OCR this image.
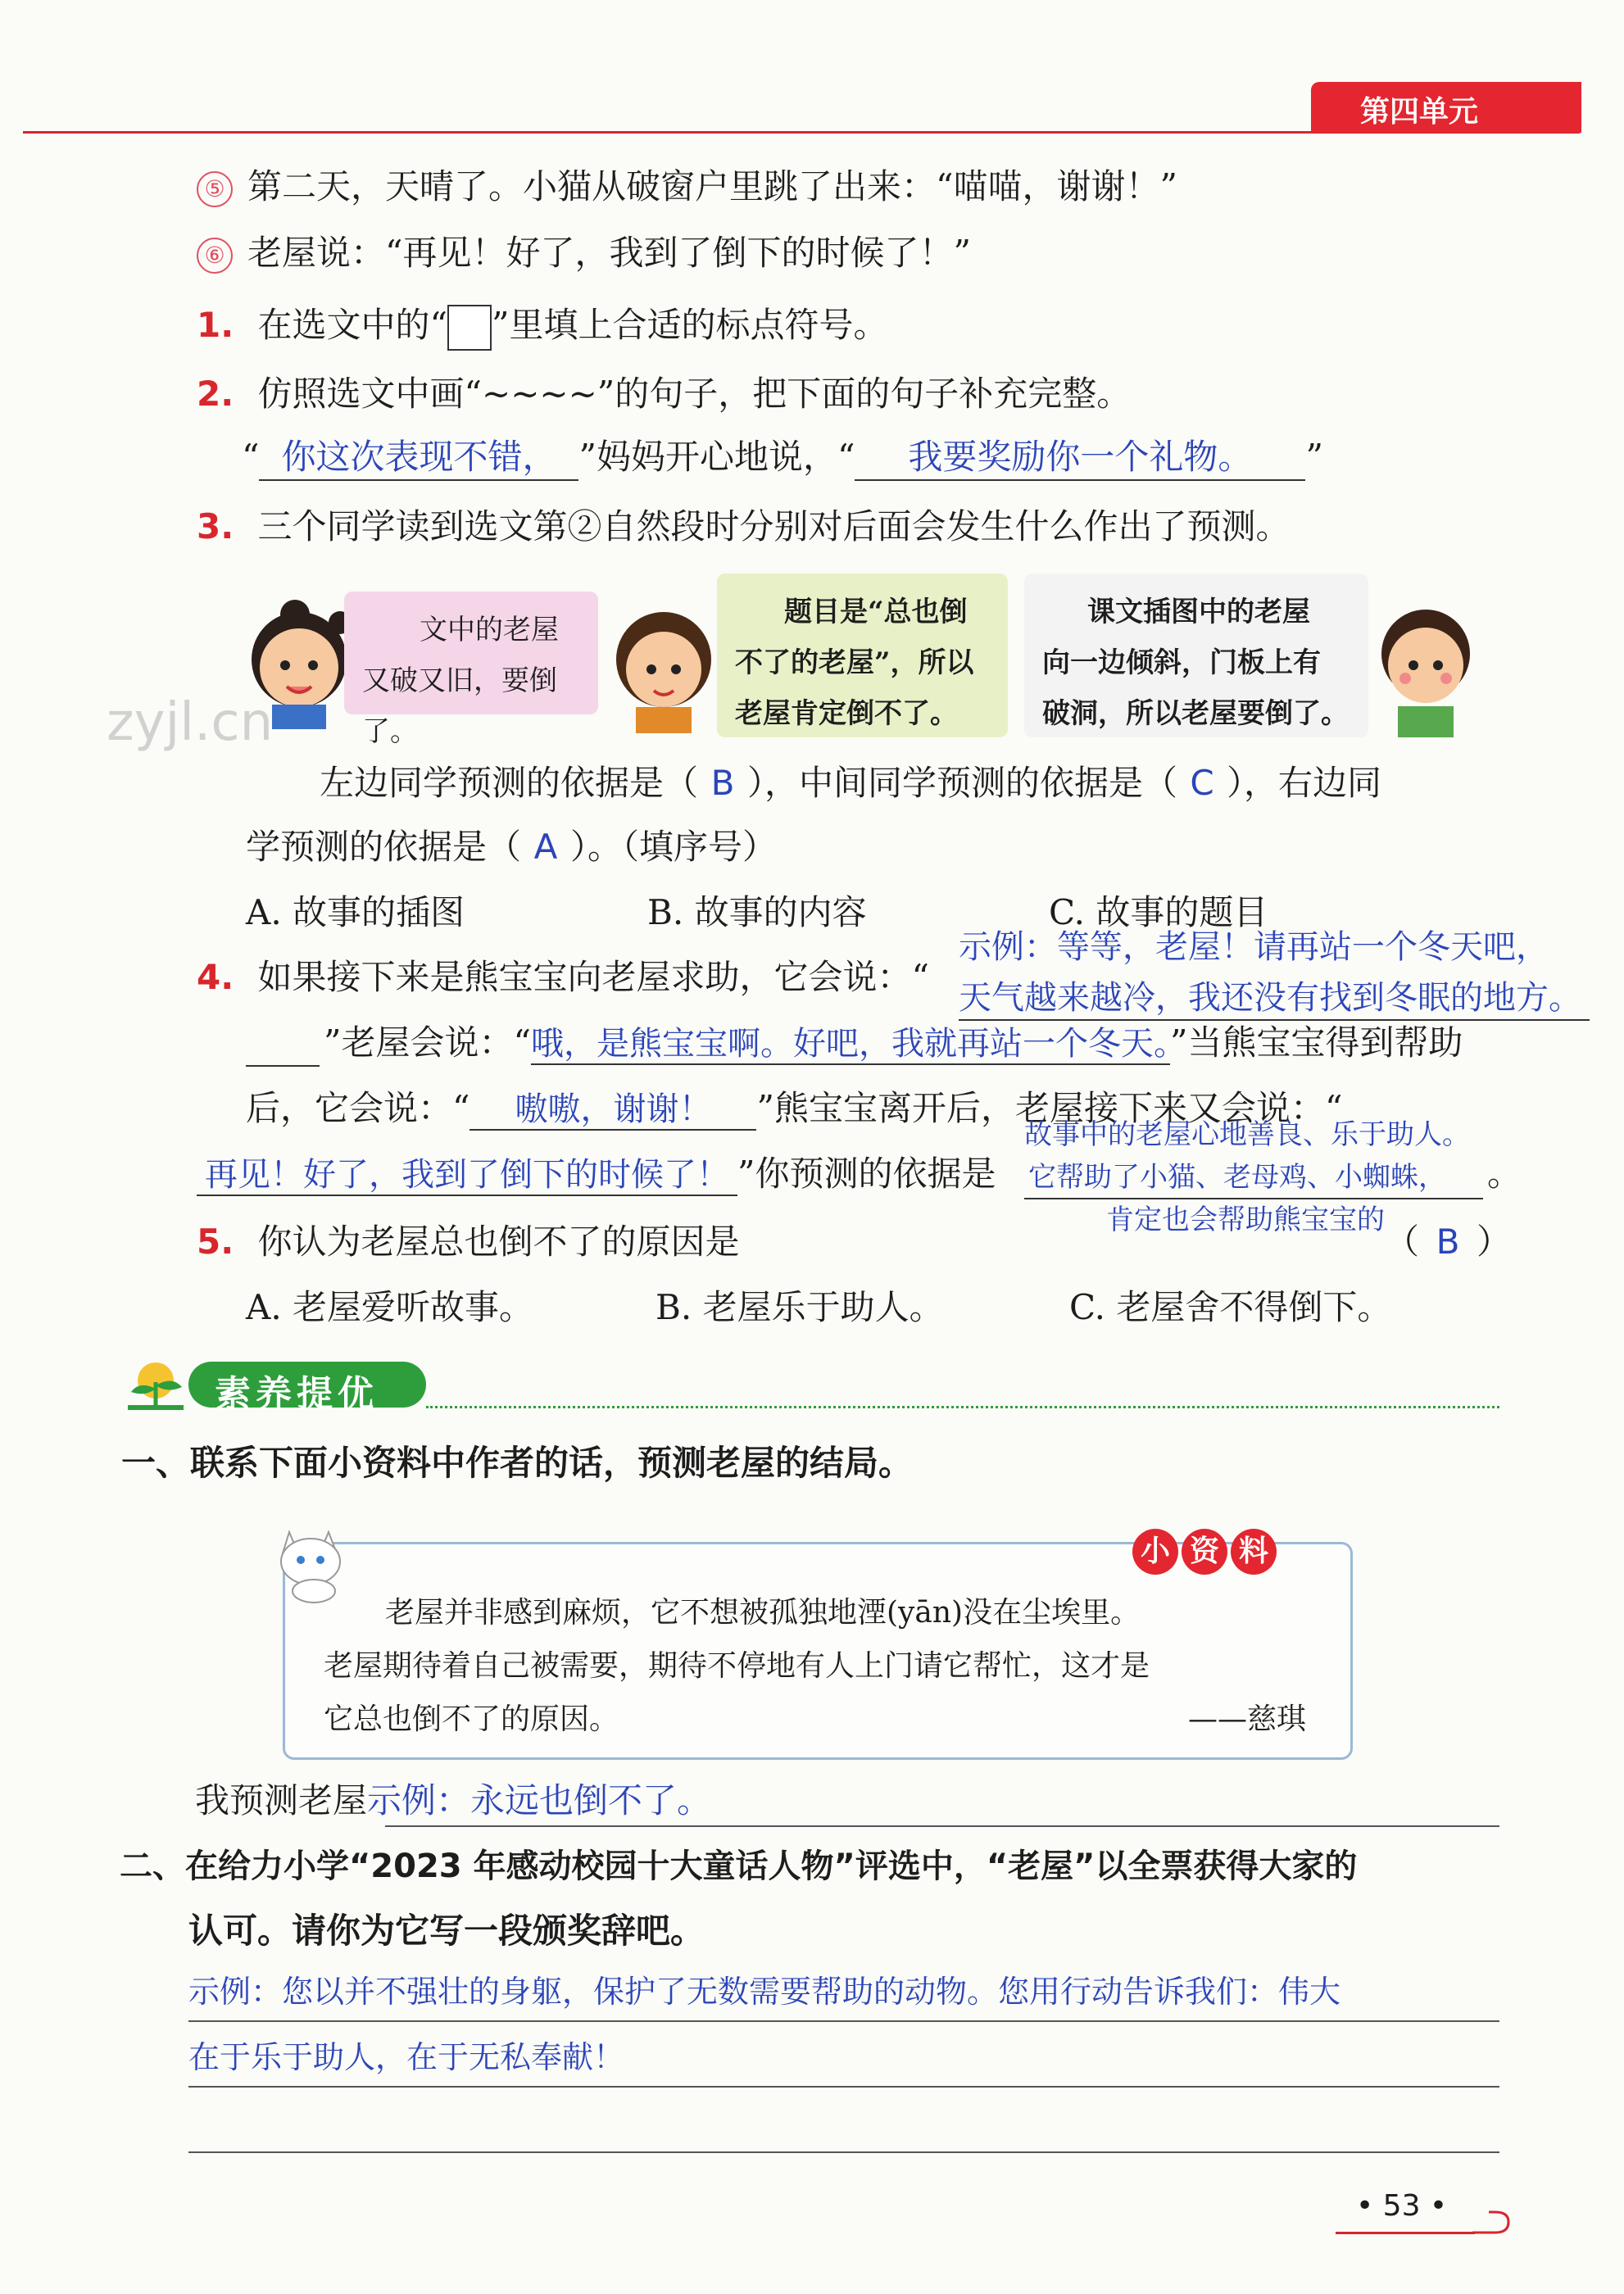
第四单元
⑤ 第二天，天晴了。小猫从破窗户里跳了出来：“喵喵，谢谢！”
⑥ 老屋说：“再见！好了，我到了倒下的时候了！”
1. 在选文中的“ ”里填上合适的标点符号。
2. 仿照选文中画“~~~~”的句子，把下面的句子补充完整。
“ 你这次表现不错， ”妈妈开心地说，“ 我要奖励你一个礼物。 ”
3. 三个同学读到选文第②自然段时分别对后面会发生什么作出了预测。
文中的老屋
又破又旧，要倒了。
题目是“总也倒
不了的老屋”，所以
老屋肯定倒不了。
课文插图中的老屋
向一边倾斜，门板上有
破洞，所以老屋要倒了。
zyjl.cn
左边同学预测的依据是（ B ），中间同学预测的依据是（ C ），右边同
学预测的依据是（ A ）。（填序号）
A. 故事的插图	B. 故事的内容	C. 故事的题目
4. 如果接下来是熊宝宝向老屋求助，它会说：“
示例：等等，老屋！请再站一个冬天吧，
天气越来越冷，我还没有找到冬眠的地方。
”老屋会说：“哦，是熊宝宝啊。好吧，我就再站一个冬天。”当熊宝宝得到帮助
后，它会说：“ 嗷嗷，谢谢！ ”熊宝宝离开后，老屋接下来又会说：“
故事中的老屋心地善良、乐于助人。
再见！好了，我到了倒下的时候了！ ”你预测的依据是 它帮助了小猫、老母鸡、小蜘蛛， 。
肯定也会帮助熊宝宝的
5. 你认为老屋总也倒不了的原因是	（ B ）
A. 老屋爱听故事。	B. 老屋乐于助人。	C. 老屋舍不得倒下。
素养提优
一、联系下面小资料中作者的话，预测老屋的结局。
小 资 料
老屋并非感到麻烦，它不想被孤独地湮(yān)没在尘埃里。
老屋期待着自己被需要，期待不停地有人上门请它帮忙，这才是
它总也倒不了的原因。	——慈琪
我预测老屋示例：永远也倒不了。
二、在给力小学“2023 年感动校园十大童话人物”评选中，“老屋”以全票获得大家的
认可。请你为它写一段颁奖辞吧。
示例：您以并不强壮的身躯，保护了无数需要帮助的动物。您用行动告诉我们：伟大
在于乐于助人，在于无私奉献！
• 53 •
